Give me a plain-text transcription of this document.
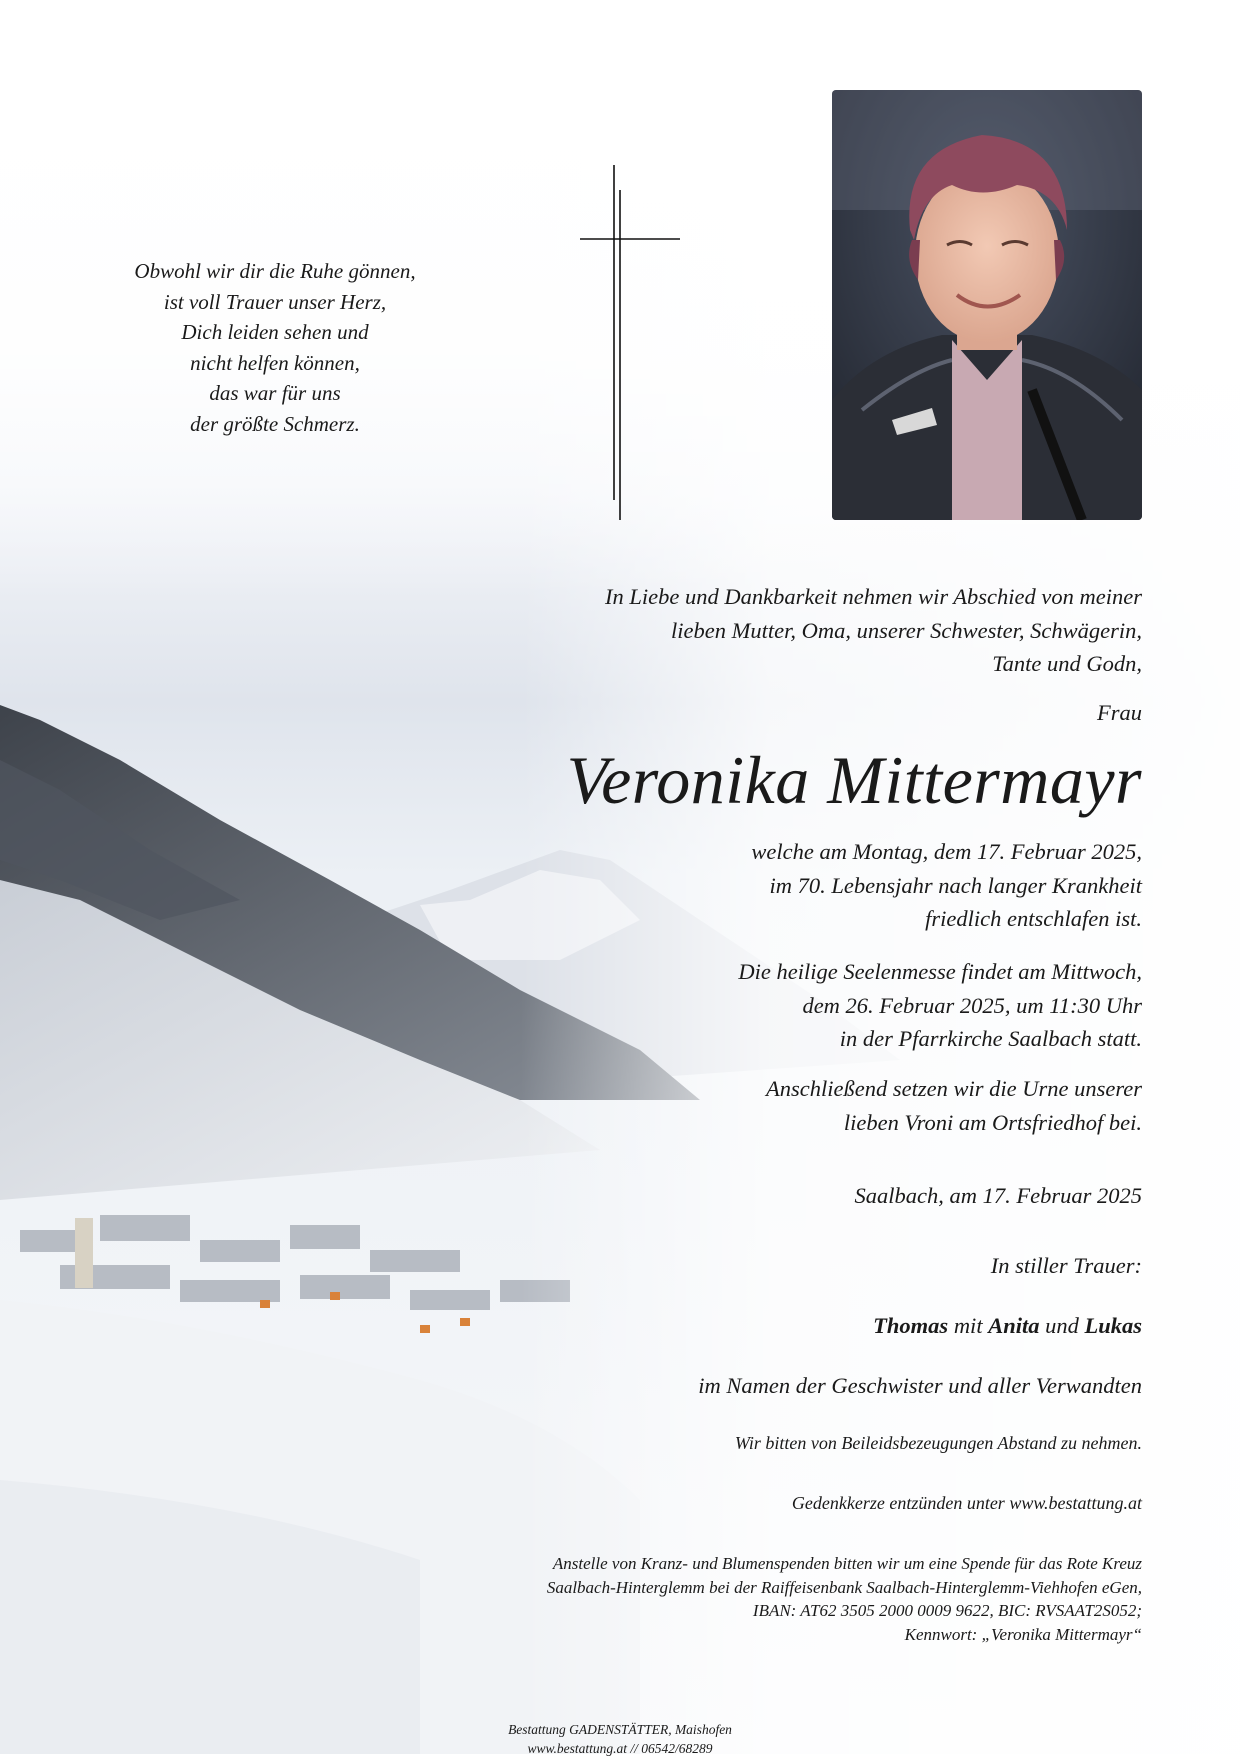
Obwohl wir dir die Ruhe gönnen,
ist voll Trauer unser Herz,
Dich leiden sehen und
nicht helfen können,
das war für uns
der größte Schmerz.
In Liebe und Dankbarkeit nehmen wir Abschied von meiner
lieben Mutter, Oma, unserer Schwester, Schwägerin,
Tante und Godn,
Frau
Veronika Mittermayr
welche am Montag, dem 17. Februar 2025,
im 70. Lebensjahr nach langer Krankheit
friedlich entschlafen ist.
Die heilige Seelenmesse findet am Mittwoch,
dem 26. Februar 2025, um 11:30 Uhr
in der Pfarrkirche Saalbach statt.
Anschließend setzen wir die Urne unserer
lieben Vroni am Ortsfriedhof bei.
Saalbach, am 17. Februar 2025
In stiller Trauer:
Thomas mit Anita und Lukas
im Namen der Geschwister und aller Verwandten
Wir bitten von Beileidsbezeugungen Abstand zu nehmen.
Gedenkkerze entzünden unter www.bestattung.at
Anstelle von Kranz- und Blumenspenden bitten wir um eine Spende für das Rote Kreuz
Saalbach-Hinterglemm bei der Raiffeisenbank Saalbach-Hinterglemm-Viehhofen eGen,
IBAN: AT62 3505 2000 0009 9622, BIC: RVSAAT2S052;
Kennwort: „Veronika Mittermayr“
Bestattung GADENSTÄTTER, Maishofen
www.bestattung.at // 06542/68289
